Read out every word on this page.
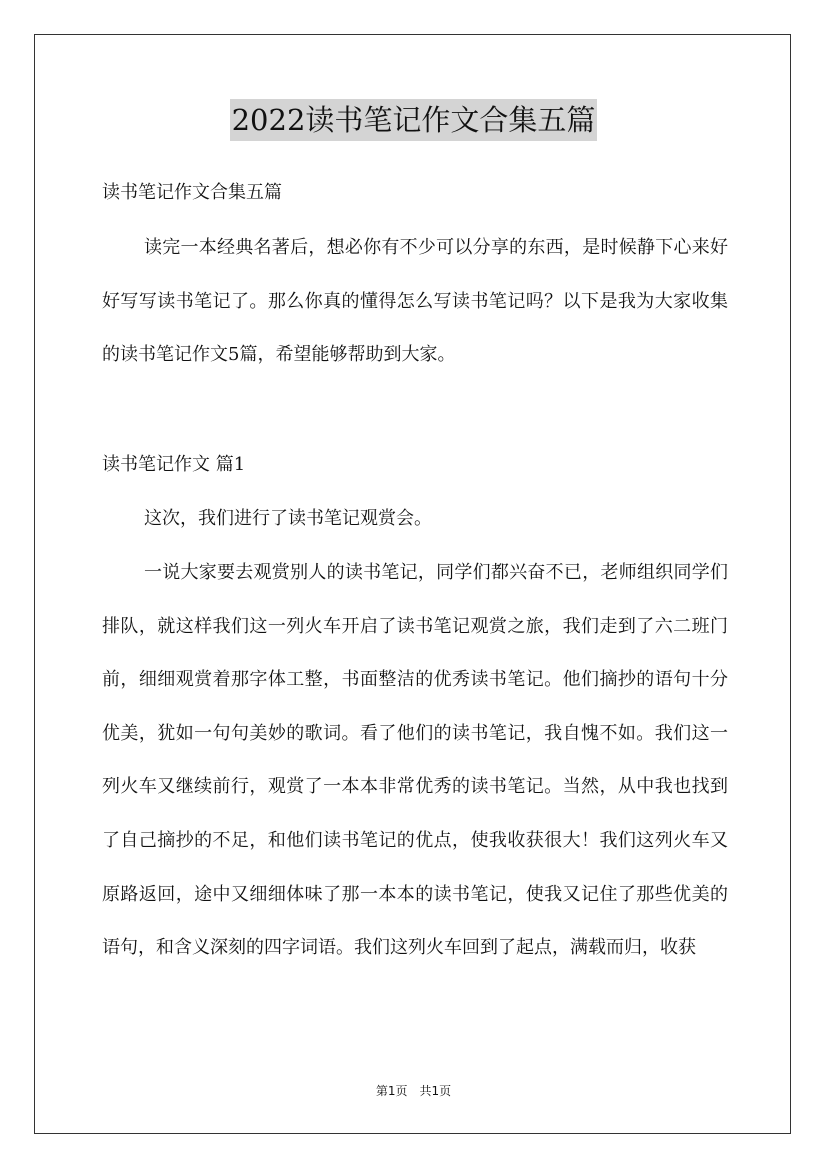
2022读书笔记作文合集五篇

读书笔记作文合集五篇

读完一本经典名著后，想必你有不少可以分享的东西，是时候静下心来好好写写读书笔记了。那么你真的懂得怎么写读书笔记吗？以下是我为大家收集的读书笔记作文5篇，希望能够帮助到大家。

读书笔记作文 篇1

这次，我们进行了读书笔记观赏会。

一说大家要去观赏别人的读书笔记，同学们都兴奋不已，老师组织同学们排队，就这样我们这一列火车开启了读书笔记观赏之旅，我们走到了六二班门前，细细观赏着那字体工整，书面整洁的优秀读书笔记。他们摘抄的语句十分优美，犹如一句句美妙的歌词。看了他们的读书笔记，我自愧不如。我们这一列火车又继续前行，观赏了一本本非常优秀的读书笔记。当然，从中我也找到了自己摘抄的不足，和他们读书笔记的优点，使我收获很大！我们这列火车又原路返回，途中又细细体味了那一本本的读书笔记，使我又记住了那些优美的语句，和含义深刻的四字词语。我们这列火车回到了起点，满载而归，收获

第1页　共1页
